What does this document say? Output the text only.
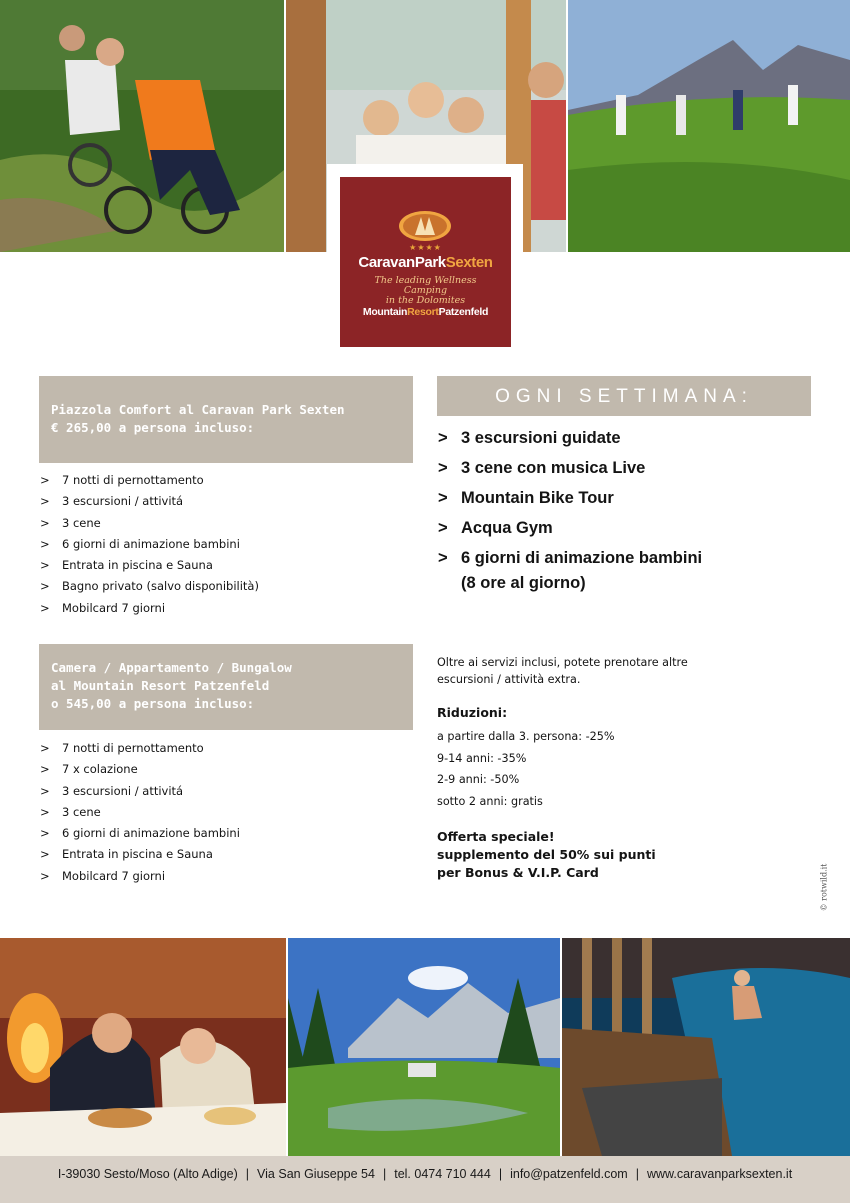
★★★★
CaravanParkSexten
The leading Wellness Camping
in the Dolomites
MountainResortPatzenfeld
Piazzola Comfort al Caravan Park Sexten
€ 265,00 a persona incluso:
> 7 notti di pernottamento
> 3 escursioni / attivitá
> 3 cene
> 6 giorni di animazione bambini
> Entrata in piscina e Sauna
> Bagno privato (salvo disponibilità)
> Mobilcard 7 giorni
Camera / Appartamento / Bungalow
al Mountain Resort Patzenfeld
o 545,00 a persona incluso:
> 7 notti di pernottamento
> 7 x colazione
> 3 escursioni / attivitá
> 3 cene
> 6 giorni di animazione bambini
> Entrata in piscina e Sauna
> Mobilcard 7 giorni
OGNI SETTIMANA:
> 3 escursioni guidate
> 3 cene con musica Live
> Mountain Bike Tour
> Acqua Gym
> 6 giorni di animazione bambini
(8 ore al giorno)
Oltre ai servizi inclusi, potete prenotare altre
escursioni / attività extra.
Riduzioni:
a partire dalla 3. persona: -25%
9-14 anni: -35%
2-9 anni: -50%
sotto 2 anni: gratis
Offerta speciale!
supplemento del 50% sui punti
per Bonus & V.I.P. Card	© rotwild.it
I-39030 Sesto/Moso (Alto Adige) | Via San Giuseppe 54 | tel. 0474 710 444 | info@patzenfeld.com | www.caravanparksexten.it
